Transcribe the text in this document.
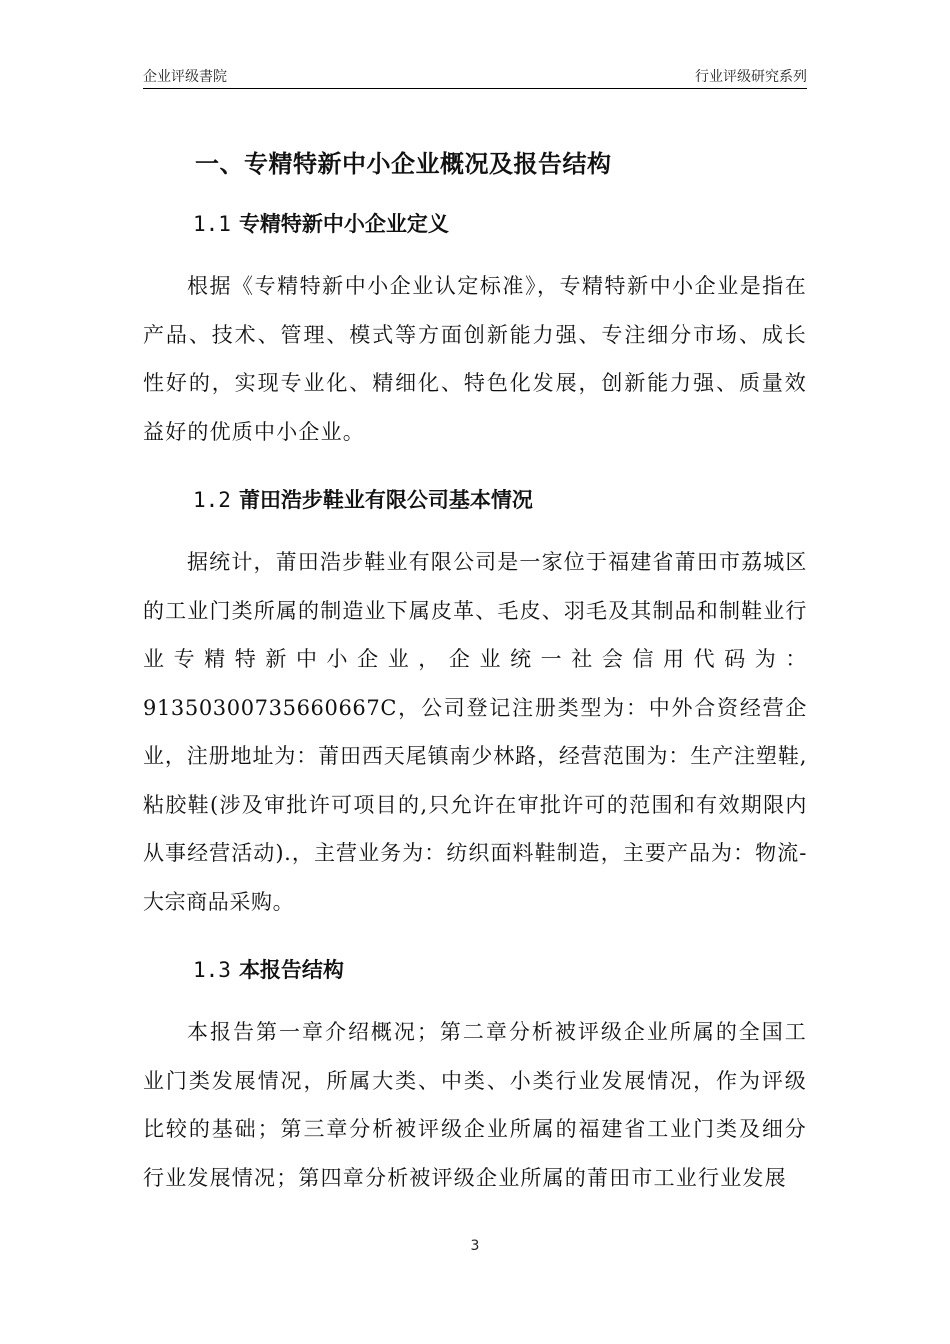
企业评级書院	行业评级研究系列
一、专精特新中小企业概况及报告结构
1.1 专精特新中小企业定义

根据《专精特新中小企业认定标准》，专精特新中小企业是指在产品、技术、管理、模式等方面创新能力强、专注细分市场、成长性好的，实现专业化、精细化、特色化发展，创新能力强、质量效益好的优质中小企业。

1.2 莆田浩步鞋业有限公司基本情况

据统计，莆田浩步鞋业有限公司是一家位于福建省莆田市荔城区的工业门类所属的制造业下属皮革、毛皮、羽毛及其制品和制鞋业行业专精特新中小企业，企业统一社会信用代码为：91350300735660667C，公司登记注册类型为：中外合资经营企业，注册地址为：莆田西天尾镇南少林路，经营范围为：生产注塑鞋,粘胶鞋(涉及审批许可项目的,只允许在审批许可的范围和有效期限内从事经营活动).，主营业务为：纺织面料鞋制造，主要产品为：物流-大宗商品采购。

1.3 本报告结构

本报告第一章介绍概况；第二章分析被评级企业所属的全国工业门类发展情况，所属大类、中类、小类行业发展情况，作为评级比较的基础；第三章分析被评级企业所属的福建省工业门类及细分行业发展情况；第四章分析被评级企业所属的莆田市工业行业发展

3
